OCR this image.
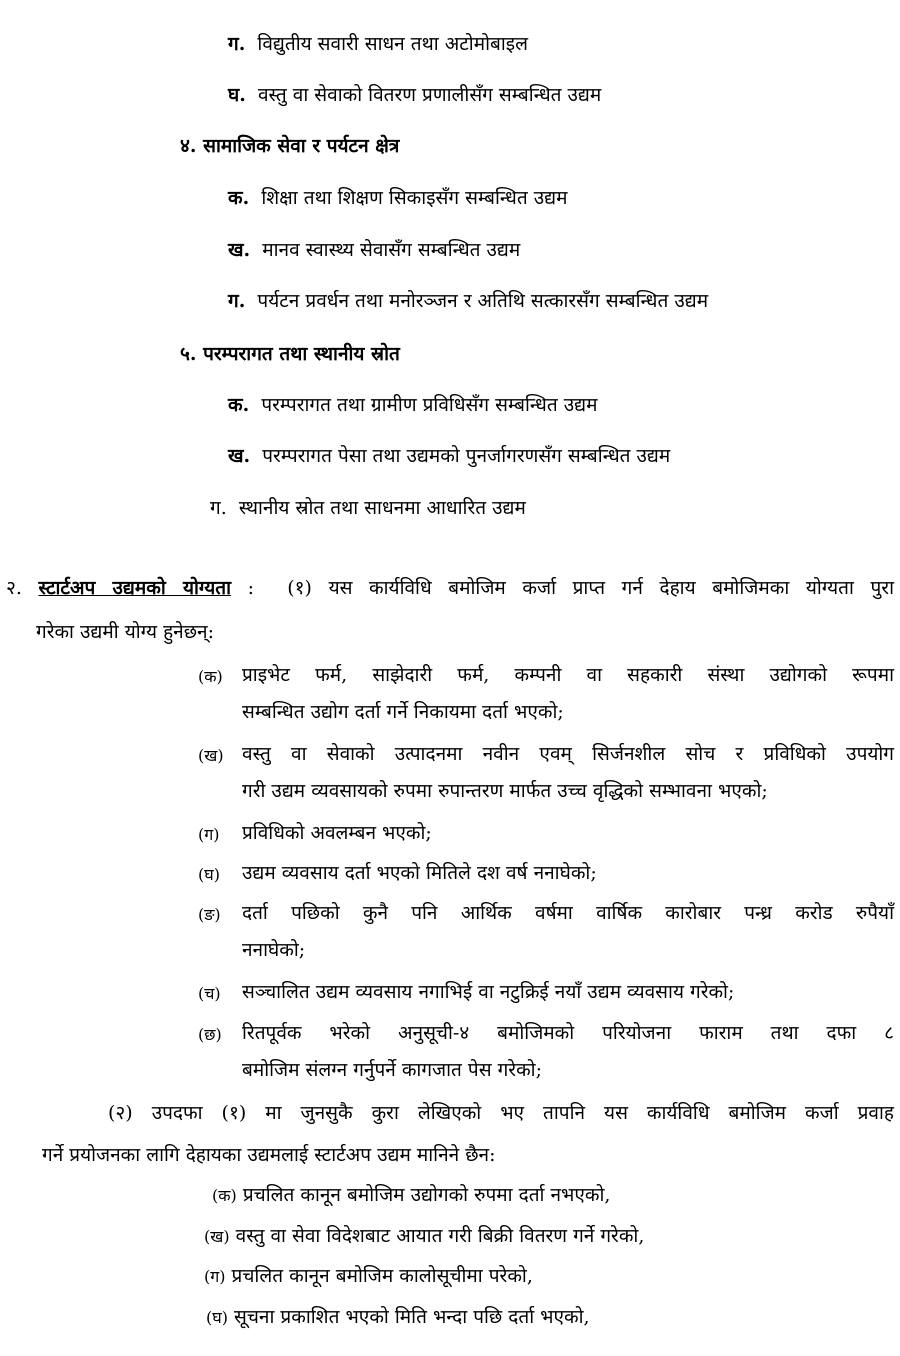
ग. विद्युतीय सवारी साधन तथा अटोमोबाइल
घ. वस्तु वा सेवाको वितरण प्रणालीसँग सम्बन्धित उद्यम
४. सामाजिक सेवा र पर्यटन क्षेत्र
क. शिक्षा तथा शिक्षण सिकाइसँग सम्बन्धित उद्यम
ख. मानव स्वास्थ्य सेवासँग सम्बन्धित उद्यम
ग. पर्यटन प्रवर्धन तथा मनोरञ्जन र अतिथि सत्कारसँग सम्बन्धित उद्यम
५. परम्परागत तथा स्थानीय स्रोत
क. परम्परागत तथा ग्रामीण प्रविधिसँग सम्बन्धित उद्यम
ख. परम्परागत पेसा तथा उद्यमको पुनर्जागरणसँग सम्बन्धित उद्यम
ग. स्थानीय स्रोत तथा साधनमा आधारित उद्यम
२. स्टार्टअप उद्यमको योग्यता :  (१) यस कार्यविधि बमोजिम कर्जा प्राप्त गर्न देहाय बमोजिमका योग्यता पुरा
गरेका उद्यमी योग्य हुनेछन्:
(क) प्राइभेट फर्म, साझेदारी फर्म, कम्पनी वा सहकारी संस्था उद्योगको रूपमा
सम्बन्धित उद्योग दर्ता गर्ने निकायमा दर्ता भएको;
(ख) वस्तु वा सेवाको उत्पादनमा नवीन एवम् सिर्जनशील सोच र प्रविधिको उपयोग
गरी उद्यम व्यवसायको रुपमा रुपान्तरण मार्फत उच्च वृद्धिको सम्भावना भएको;
(ग) प्रविधिको अवलम्बन भएको;
(घ) उद्यम व्यवसाय दर्ता भएको मितिले दश वर्ष ननाघेको;
(ङ) दर्ता पछिको कुनै पनि आर्थिक वर्षमा वार्षिक कारोबार पन्ध्र करोड रुपैयाँ
ननाघेको;
(च) सञ्चालित उद्यम व्यवसाय नगाभिई वा नटुक्रिई नयाँ उद्यम व्यवसाय गरेको;
(छ) रितपूर्वक भरेको अनुसूची-४ बमोजिमको परियोजना फाराम तथा दफा ८
बमोजिम संलग्न गर्नुपर्ने कागजात पेस गरेको;
(२) उपदफा (१) मा जुनसुकै कुरा लेखिएको भए तापनि यस कार्यविधि बमोजिम कर्जा प्रवाह
गर्ने प्रयोजनका लागि देहायका उद्यमलाई स्टार्टअप उद्यम मानिने छैन:
(क) प्रचलित कानून बमोजिम उद्योगको रुपमा दर्ता नभएको,
(ख) वस्तु वा सेवा विदेशबाट आयात गरी बिक्री वितरण गर्ने गरेको,
(ग) प्रचलित कानून बमोजिम कालोसूचीमा परेको,
(घ) सूचना प्रकाशित भएको मिति भन्दा पछि दर्ता भएको,
